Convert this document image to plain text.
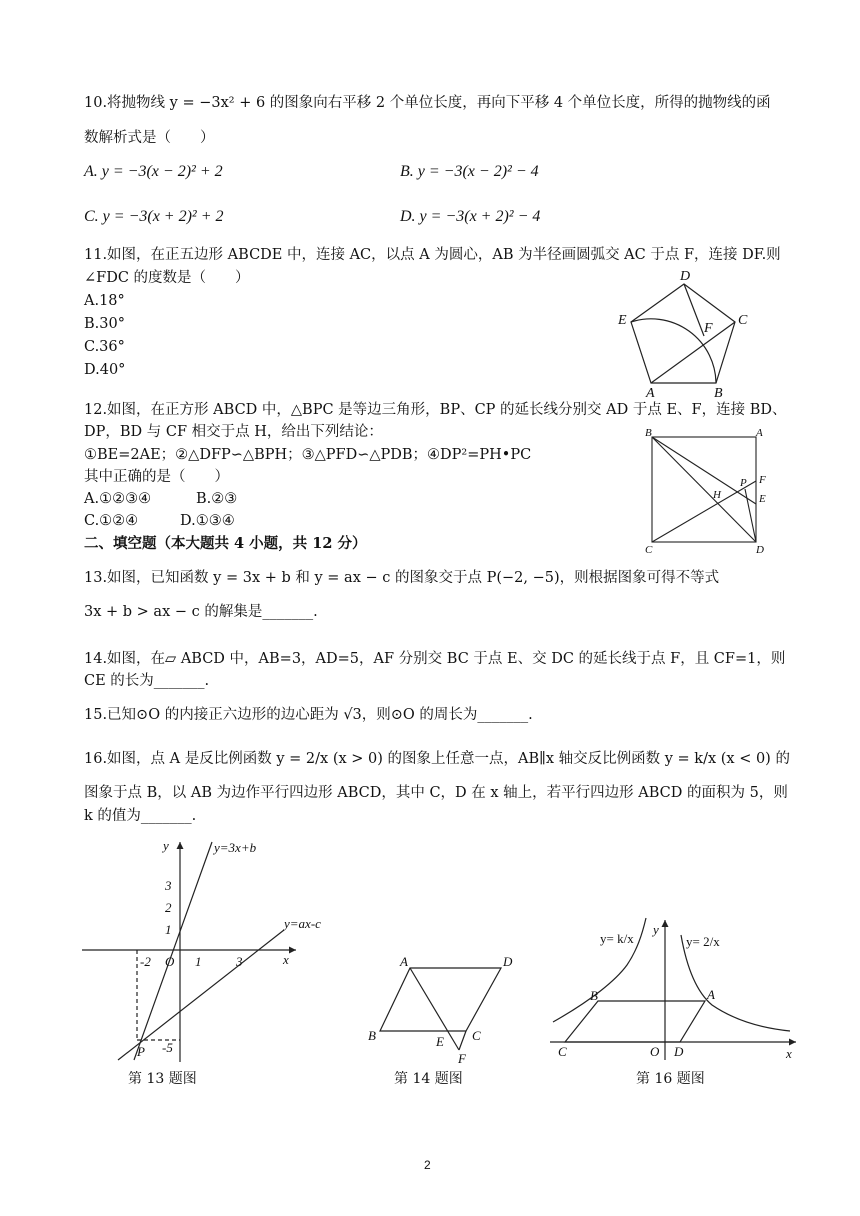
10.将抛物线 y = −3x² + 6 的图象向右平移 2 个单位长度，再向下平移 4 个单位长度，所得的抛物线的函
数解析式是（　　）
A. y = −3(x − 2)² + 2	B. y = −3(x − 2)² − 4
C. y = −3(x + 2)² + 2	D. y = −3(x + 2)² − 4
11.如图，在正五边形 ABCDE 中，连接 AC，以点 A 为圆心，AB 为半径画圆弧交 AC 于点 F，连接 DF.则
∠FDC 的度数是（　　）
A.18°
B.30°
C.36°
D.40°
A	B
C
D
E
F
12.如图，在正方形 ABCD 中，△BPC 是等边三角形，BP、CP 的延长线分别交 AD 于点 E、F，连接 BD、
DP，BD 与 CF 相交于点 H，给出下列结论：
①BE=2AE；②△DFP∽△BPH；③△PFD∽△PDB；④DP²=PH•PC
其中正确的是（　　）
A.①②③④	B.②③
C.①②④	D.①③④
B	A
P F
H	E
C	D
二、填空题（本大题共 4 小题，共 12 分）
13.如图，已知函数 y = 3x + b 和 y = ax − c 的图象交于点 P(−2, −5)，则根据图象可得不等式
3x + b > ax − c 的解集是_______.
14.如图，在▱ ABCD 中，AB=3，AD=5，AF 分别交 BC 于点 E、交 DC 的延长线于点 F，且 CF=1，则
CE 的长为_______.
15.已知⊙O 的内接正六边形的边心距为 √3，则⊙O 的周长为_______.
16.如图，点 A 是反比例函数 y = 2/x (x > 0) 的图象上任意一点，AB∥x 轴交反比例函数 y = k/x (x < 0) 的
图象于点 B，以 AB 为边作平行四边形 ABCD，其中 C，D 在 x 轴上，若平行四边形 ABCD 的面积为 5，则
k 的值为_______.
y=3x+b
y=ax-c
x
y
-2 O 1	3
3
2
1
-5
P
第 13 题图
A	D
B	C
E
F
第 14 题图
y= k/x	y= 2/x
y
x
B	A
C	O D
第 16 题图
2
